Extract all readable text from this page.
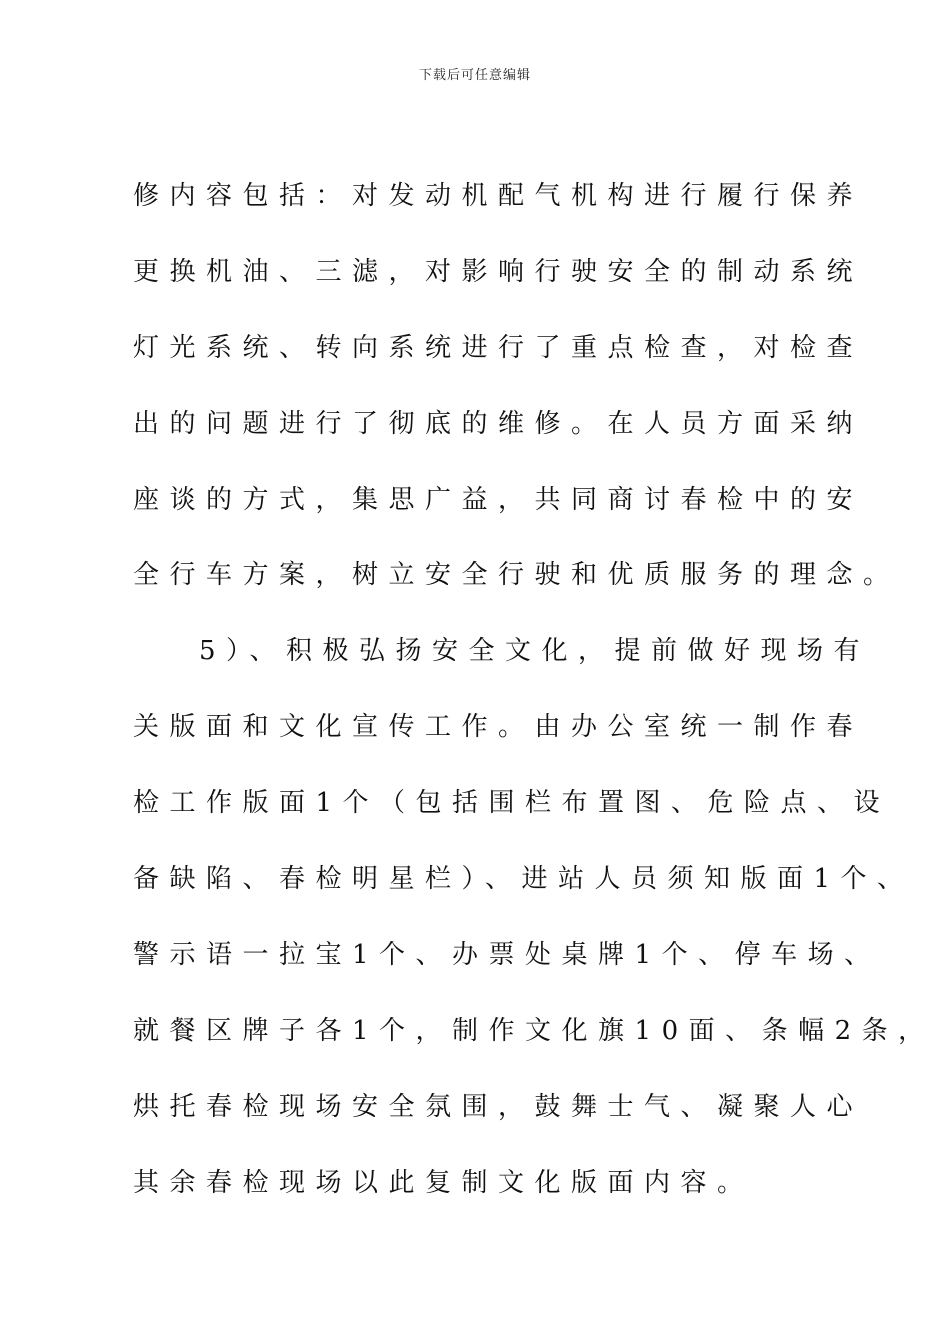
下载后可任意编辑
修内容包括：对发动机配气机构进行履行保养
更换机油、三滤，对影响行驶安全的制动系统
灯光系统、转向系统进行了重点检查，对检查
出的问题进行了彻底的维修。在人员方面采纳
座谈的方式，集思广益，共同商讨春检中的安
全行车方案，树立安全行驶和优质服务的理念。
5）、积极弘扬安全文化，提前做好现场有
关版面和文化宣传工作。由办公室统一制作春
检工作版面1个（包括围栏布置图、危险点、设
备缺陷、春检明星栏）、进站人员须知版面1个、
警示语一拉宝1个、办票处桌牌1个、停车场、
就餐区牌子各1个，制作文化旗10面、条幅2条，
烘托春检现场安全氛围，鼓舞士气、凝聚人心
其余春检现场以此复制文化版面内容。
